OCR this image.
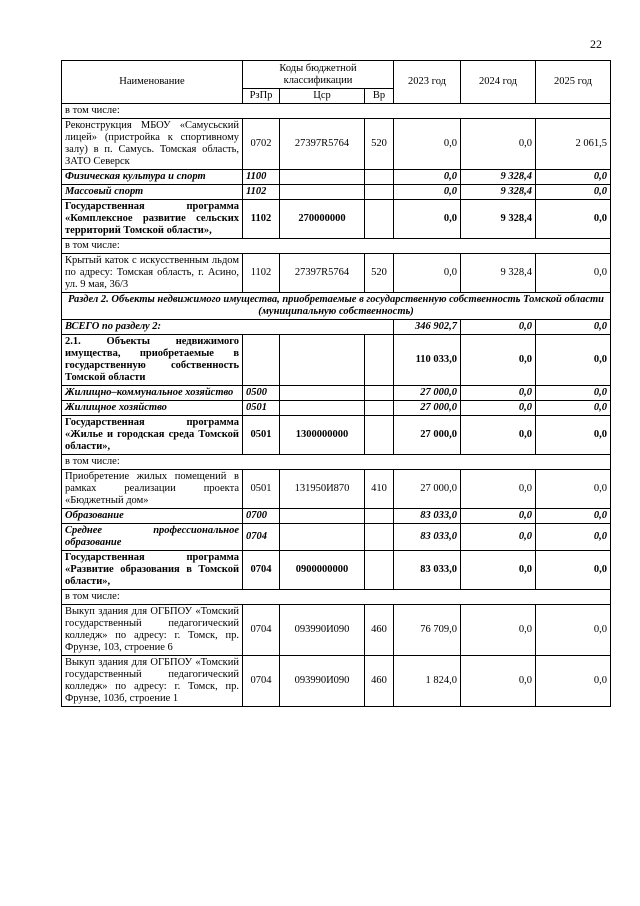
22
Наименование	Коды бюджетной классификации			2023 год	2024 год	2025 год
	РзПр	Цср	Вр			
в том числе:						
Реконструкция МБОУ «Самусьский лицей» (пристройка к спортивному залу) в п. Самусь. Томская область, ЗАТО Северск	0702	27397R5764	520	0,0	0,0	2 061,5
Физическая культура и спорт	1100			0,0	9 328,4	0,0
Массовый спорт	1102			0,0	9 328,4	0,0
Государственная программа «Комплексное развитие сельских территорий Томской области»,	1102	270000000		0,0	9 328,4	0,0
в том числе:						
Крытый каток с искусственным льдом по адресу: Томская область, г. Асино, ул. 9 мая, 36/3	1102	27397R5764	520	0,0	9 328,4	0,0
Раздел 2. Объекты недвижимого имущества, приобретаемые в государственную собственность Томской области (муниципальную собственность)						
ВСЕГО по разделу 2:				346 902,7	0,0	0,0
2.1. Объекты недвижимого имущества, приобретаемые в государственную собственность Томской области				110 033,0	0,0	0,0
Жилищно–коммунальное хозяйство	0500			27 000,0	0,0	0,0
Жилищное хозяйство	0501			27 000,0	0,0	0,0
Государственная программа «Жилье и городская среда Томской области»,	0501	1300000000		27 000,0	0,0	0,0
в том числе:						
Приобретение жилых помещений в рамках реализации проекта «Бюджетный дом»	0501	131950И870	410	27 000,0	0,0	0,0
Образование	0700			83 033,0	0,0	0,0
Среднее профессиональное образование	0704			83 033,0	0,0	0,0
Государственная программа «Развитие образования в Томской области»,	0704	0900000000		83 033,0	0,0	0,0
в том числе:						
Выкуп здания для ОГБПОУ «Томский государственный педагогический колледж» по адресу: г. Томск, пр. Фрунзе, 103, строение 6	0704	093990И090	460	76 709,0	0,0	0,0
Выкуп здания для ОГБПОУ «Томский государственный педагогический колледж» по адресу: г. Томск, пр. Фрунзе, 103б, строение 1	0704	093990И090	460	1 824,0	0,0	0,0
